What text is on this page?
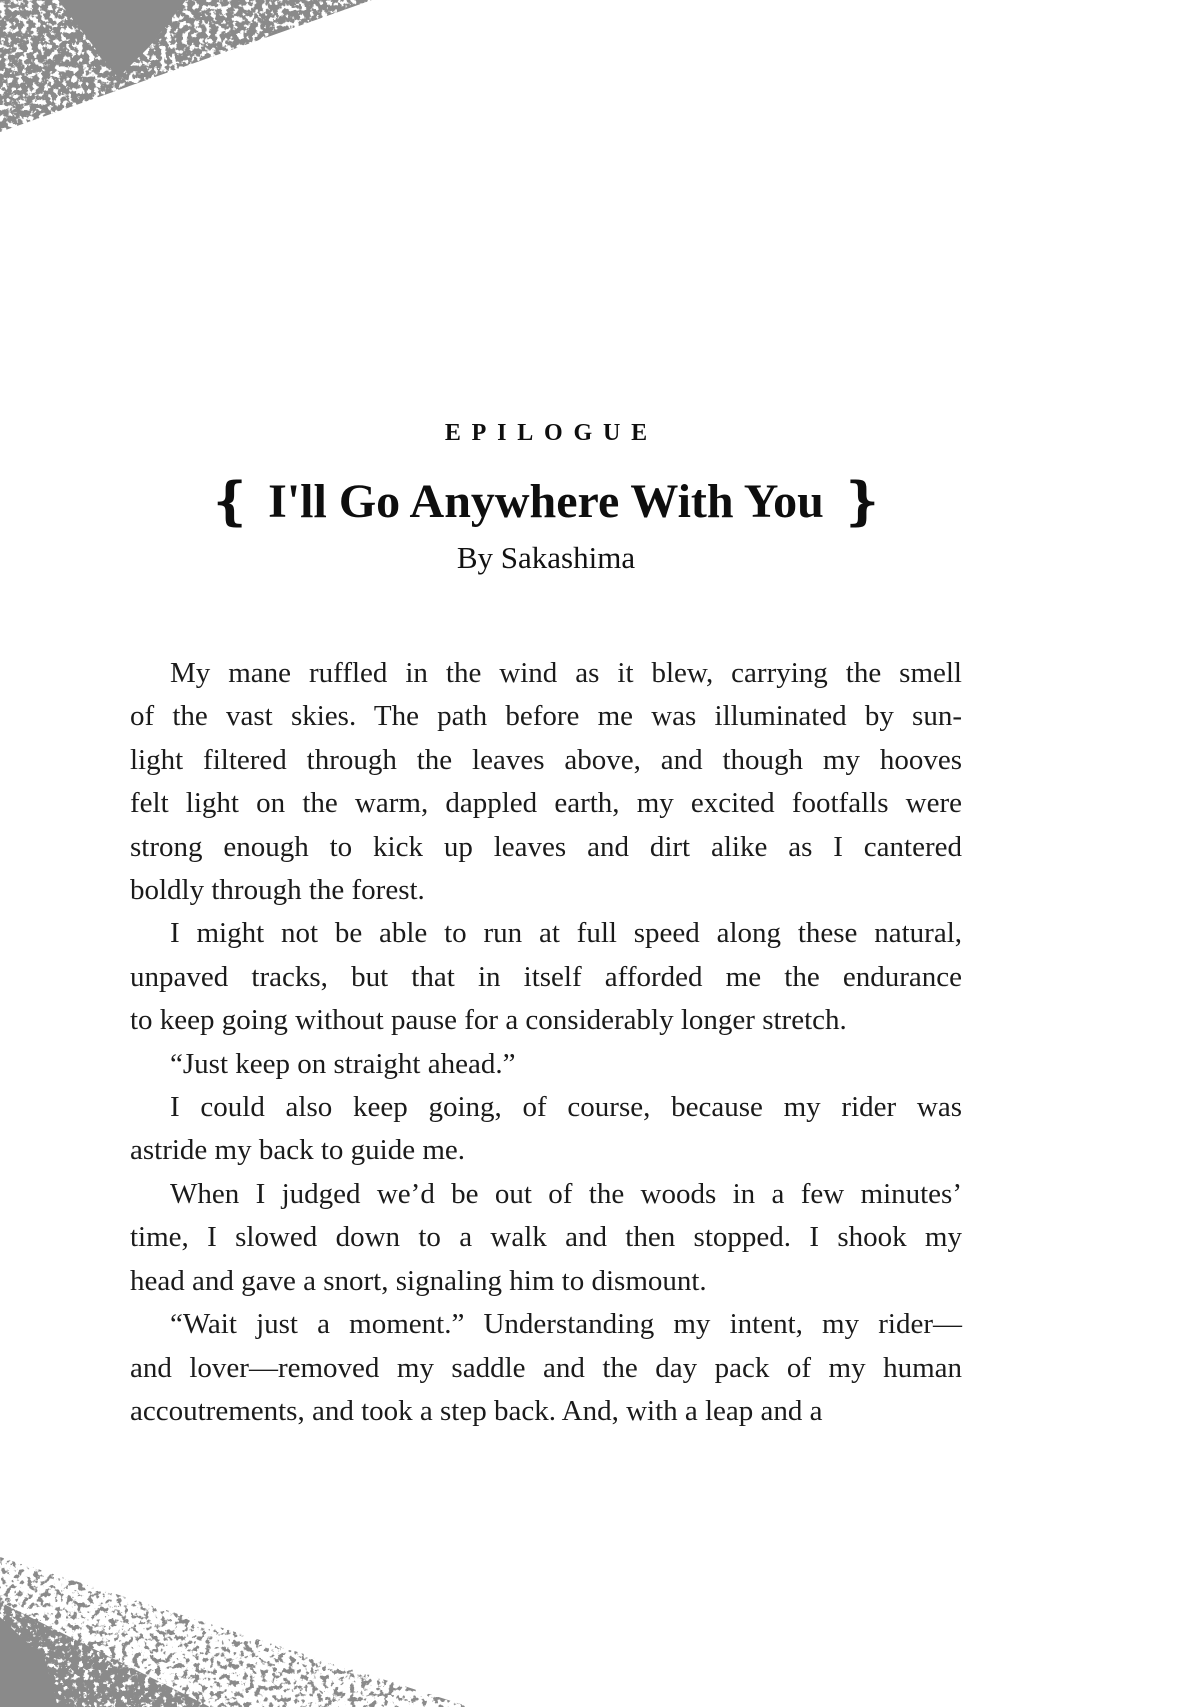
EPILOGUE
❴ I'll Go Anywhere With You ❵
By Sakashima

My mane ruffled in the wind as it blew, carrying the smell
of the vast skies. The path before me was illuminated by sun-
light filtered through the leaves above, and though my hooves
felt light on the warm, dappled earth, my excited footfalls were
strong enough to kick up leaves and dirt alike as I cantered
boldly through the forest.

I might not be able to run at full speed along these natural,
unpaved tracks, but that in itself afforded me the endurance
to keep going without pause for a considerably longer stretch.

“Just keep on straight ahead.”

I could also keep going, of course, because my rider was
astride my back to guide me.

When I judged we’d be out of the woods in a few minutes’
time, I slowed down to a walk and then stopped. I shook my
head and gave a snort, signaling him to dismount.

“Wait just a moment.” Understanding my intent, my rider—
and lover—removed my saddle and the day pack of my human
accoutrements, and took a step back. And, with a leap and a
